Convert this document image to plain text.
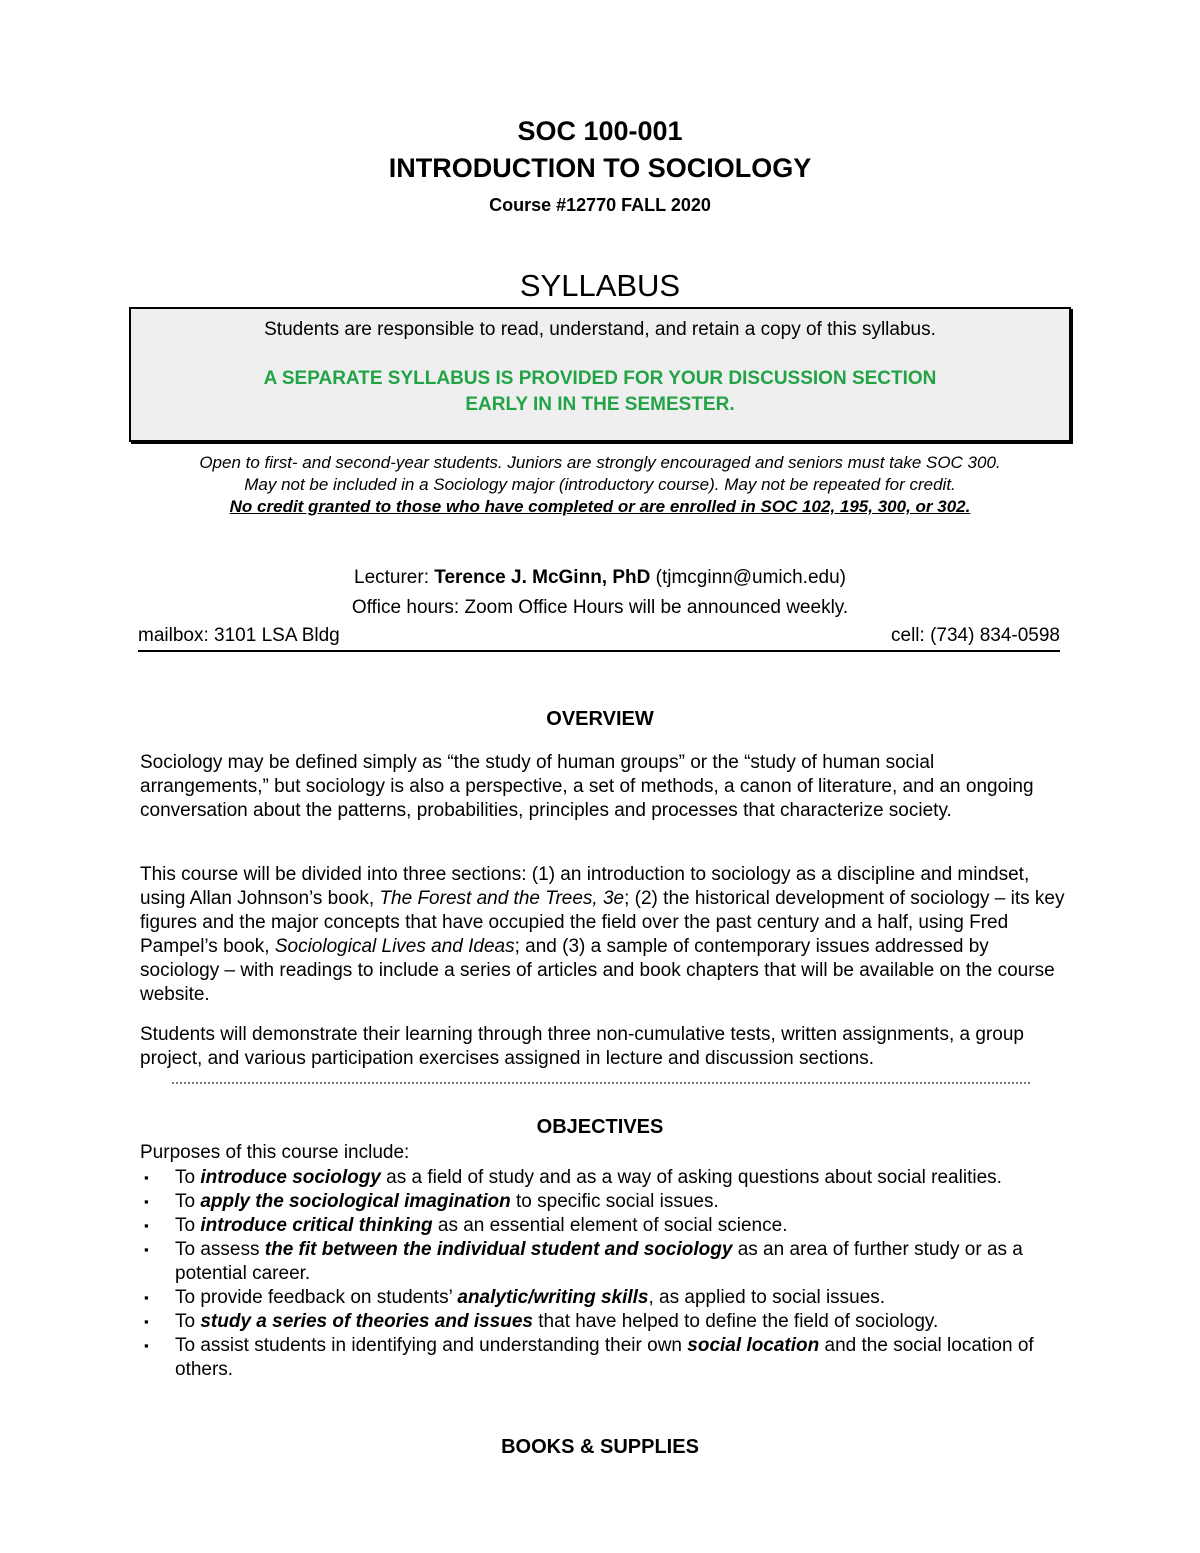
SOC 100-001
INTRODUCTION TO SOCIOLOGY
Course #12770 FALL 2020
SYLLABUS
Students are responsible to read, understand, and retain a copy of this syllabus.
A SEPARATE SYLLABUS IS PROVIDED FOR YOUR DISCUSSION SECTION
EARLY IN IN THE SEMESTER.
Open to first- and second-year students. Juniors are strongly encouraged and seniors must take SOC 300.
May not be included in a Sociology major (introductory course). May not be repeated for credit.
No credit granted to those who have completed or are enrolled in SOC 102, 195, 300, or 302.
Lecturer: Terence J. McGinn, PhD (tjmcginn@umich.edu)
Office hours: Zoom Office Hours will be announced weekly.
mailbox: 3101 LSA Bldg	cell: (734) 834-0598
OVERVIEW

Sociology may be defined simply as “the study of human groups” or the “study of human social arrangements,” but sociology is also a perspective, a set of methods, a canon of literature, and an ongoing conversation about the patterns, probabilities, principles and processes that characterize society.

This course will be divided into three sections: (1) an introduction to sociology as a discipline and mindset, using Allan Johnson’s book, The Forest and the Trees, 3e; (2) the historical development of sociology – its key figures and the major concepts that have occupied the field over the past century and a half, using Fred Pampel’s book, Sociological Lives and Ideas; and (3) a sample of contemporary issues addressed by sociology – with readings to include a series of articles and book chapters that will be available on the course website.

Students will demonstrate their learning through three non-cumulative tests, written assignments, a group project, and various participation exercises assigned in lecture and discussion sections.

OBJECTIVES
Purposes of this course include:
▪ To introduce sociology as a field of study and as a way of asking questions about social realities.
▪ To apply the sociological imagination to specific social issues.
▪ To introduce critical thinking as an essential element of social science.
▪ To assess the fit between the individual student and sociology as an area of further study or as a potential career.
▪ To provide feedback on students’ analytic/writing skills, as applied to social issues.
▪ To study a series of theories and issues that have helped to define the field of sociology.
▪ To assist students in identifying and understanding their own social location and the social location of others.
BOOKS & SUPPLIES
